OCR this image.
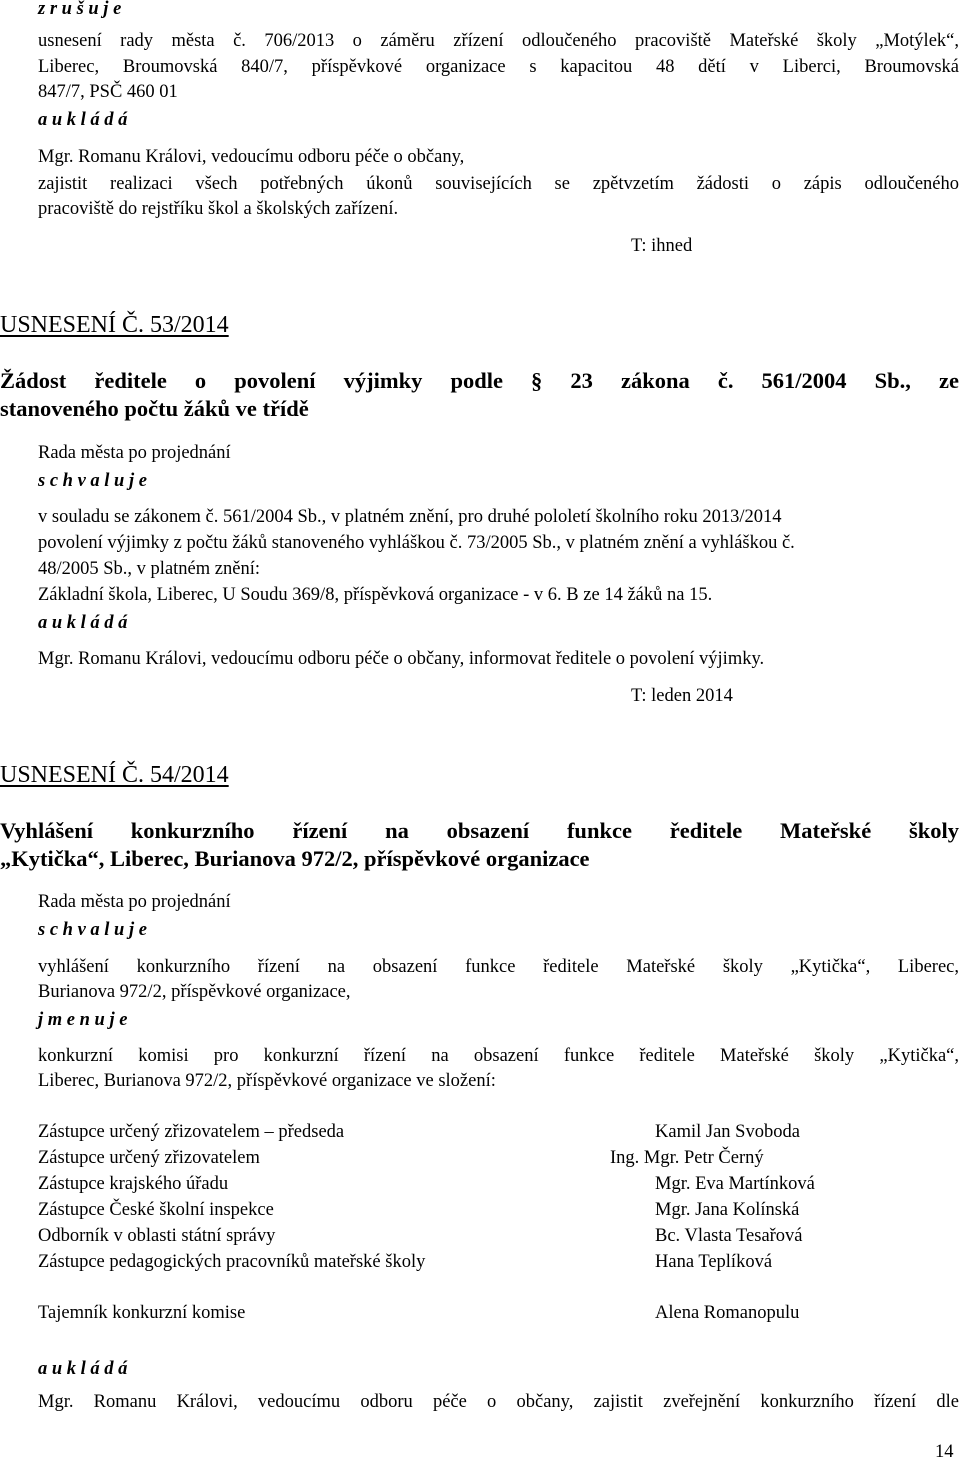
z r u š u j e
usnesení rady města č. 706/2013 o záměru zřízení odloučeného pracoviště Mateřské školy „Motýlek“,
Liberec, Broumovská 840/7, příspěvkové organizace s kapacitou 48 dětí v Liberci, Broumovská
847/7, PSČ 460 01
a u k l á d á
Mgr. Romanu Královi, vedoucímu odboru péče o občany,
zajistit realizaci všech potřebných úkonů souvisejících se zpětvzetím žádosti o zápis odloučeného
pracoviště do rejstříku škol a školských zařízení.
T: ihned
USNESENÍ Č. 53/2014
Žádost ředitele o povolení výjimky podle § 23 zákona č. 561/2004 Sb., ze
stanoveného počtu žáků ve třídě
Rada města po projednání
s c h v a l u j e
v souladu se zákonem č. 561/2004 Sb., v platném znění, pro druhé pololetí školního roku 2013/2014
povolení výjimky z počtu žáků stanoveného vyhláškou č. 73/2005 Sb., v platném znění a vyhláškou č.
48/2005 Sb., v platném znění:
Základní škola, Liberec, U Soudu 369/8, příspěvková organizace - v 6. B ze 14 žáků na 15.
a u k l á d á
Mgr. Romanu Královi, vedoucímu odboru péče o občany, informovat ředitele o povolení výjimky.
T: leden 2014
USNESENÍ Č. 54/2014
Vyhlášení konkurzního řízení na obsazení funkce ředitele Mateřské školy
„Kytička“, Liberec, Burianova 972/2, příspěvkové organizace
Rada města po projednání
s c h v a l u j e
vyhlášení konkurzního řízení na obsazení funkce ředitele Mateřské školy „Kytička“, Liberec,
Burianova 972/2, příspěvkové organizace,
j m e n u j e
konkurzní komisi pro konkurzní řízení na obsazení funkce ředitele Mateřské školy „Kytička“,
Liberec, Burianova 972/2, příspěvkové organizace ve složení:
Zástupce určený zřizovatelem – předseda	Kamil Jan Svoboda
Zástupce určený zřizovatelem	Ing. Mgr. Petr Černý
Zástupce krajského úřadu	Mgr. Eva Martínková
Zástupce České školní inspekce	Mgr. Jana Kolínská
Odborník v oblasti státní správy	Bc. Vlasta Tesařová
Zástupce pedagogických pracovníků mateřské školy	Hana Teplíková
Tajemník konkurzní komise	Alena Romanopulu
a u k l á d á
Mgr. Romanu Královi, vedoucímu odboru péče o občany, zajistit zveřejnění konkurzního řízení dle
14
